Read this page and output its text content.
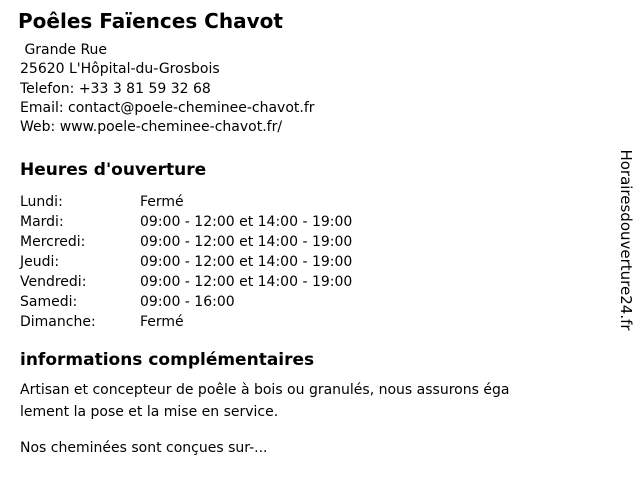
Poêles Faïences Chavot
Grande Rue
25620 L'Hôpital-du-Grosbois
Telefon: +33 3 81 59 32 68
Email: contact@poele-cheminee-chavot.fr
Web: www.poele-cheminee-chavot.fr/
Heures d'ouverture
Lundi:	Fermé
Mardi:	09:00 - 12:00 et 14:00 - 19:00
Mercredi:	09:00 - 12:00 et 14:00 - 19:00
Jeudi:	09:00 - 12:00 et 14:00 - 19:00
Vendredi:	09:00 - 12:00 et 14:00 - 19:00
Samedi:	09:00 - 16:00
Dimanche:	Fermé
informations complémentaires
Artisan et concepteur de poêle à bois ou granulés, nous assurons éga
lement la pose et la mise en service.
Nos cheminées sont conçues sur-...
Horairesdouverture24.fr
